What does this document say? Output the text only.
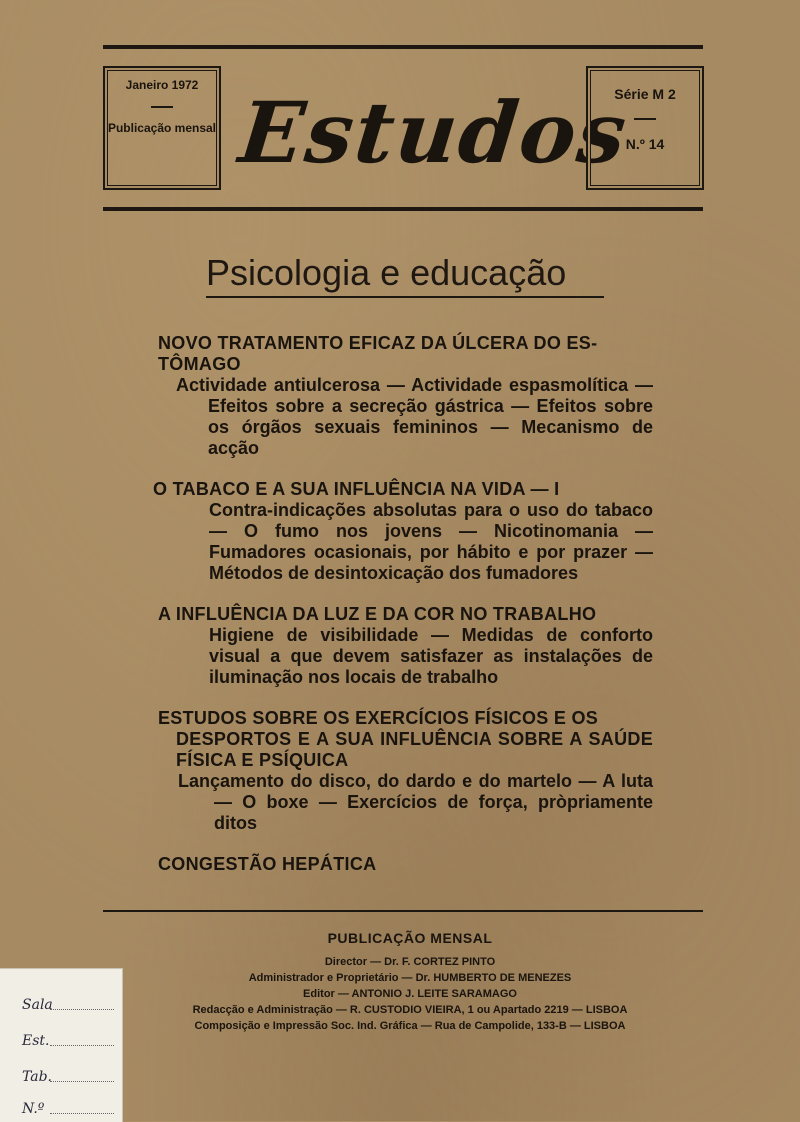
Janeiro 1972
Publicação mensal Estudos
Série M 2
N.º 14
Psicologia e educação
NOVO TRATAMENTO EFICAZ DA ÚLCERA DO ES-
TÔMAGO
Actividade antiulcerosa — Actividade espasmolítica — Efeitos sobre a secreção gástrica — Efeitos sobre os órgãos sexuais femininos — Mecanismo de acção
O TABACO E A SUA INFLUÊNCIA NA VIDA — I
Contra-indicações absolutas para o uso do tabaco — O fumo nos jovens — Nicotinomania — Fumadores ocasionais, por hábito e por prazer — Métodos de desintoxicação dos fumadores
A INFLUÊNCIA DA LUZ E DA COR NO TRABALHO
Higiene de visibilidade — Medidas de conforto visual a que devem satisfazer as instalações de iluminação nos locais de trabalho
ESTUDOS SOBRE OS EXERCÍCIOS FÍSICOS E OS
DESPORTOS E A SUA INFLUÊNCIA SOBRE A SAÚDE FÍSICA E PSÍQUICA
Lançamento do disco, do dardo e do martelo — A luta — O boxe — Exercícios de força, pròpriamente ditos
CONGESTÃO HEPÁTICA
PUBLICAÇÃO MENSAL
Director — Dr. F. CORTEZ PINTO
Administrador e Proprietário — Dr. HUMBERTO DE MENEZES
Editor — ANTONIO J. LEITE SARAMAGO
Redacção e Administração — R. CUSTODIO VIEIRA, 1 ou Apartado 2219 — LISBOA
Composição e Impressão Soc. Ind. Gráfica — Rua de Campolide, 133-B — LISBOA
Sala
Est.
Tab.
N.º
